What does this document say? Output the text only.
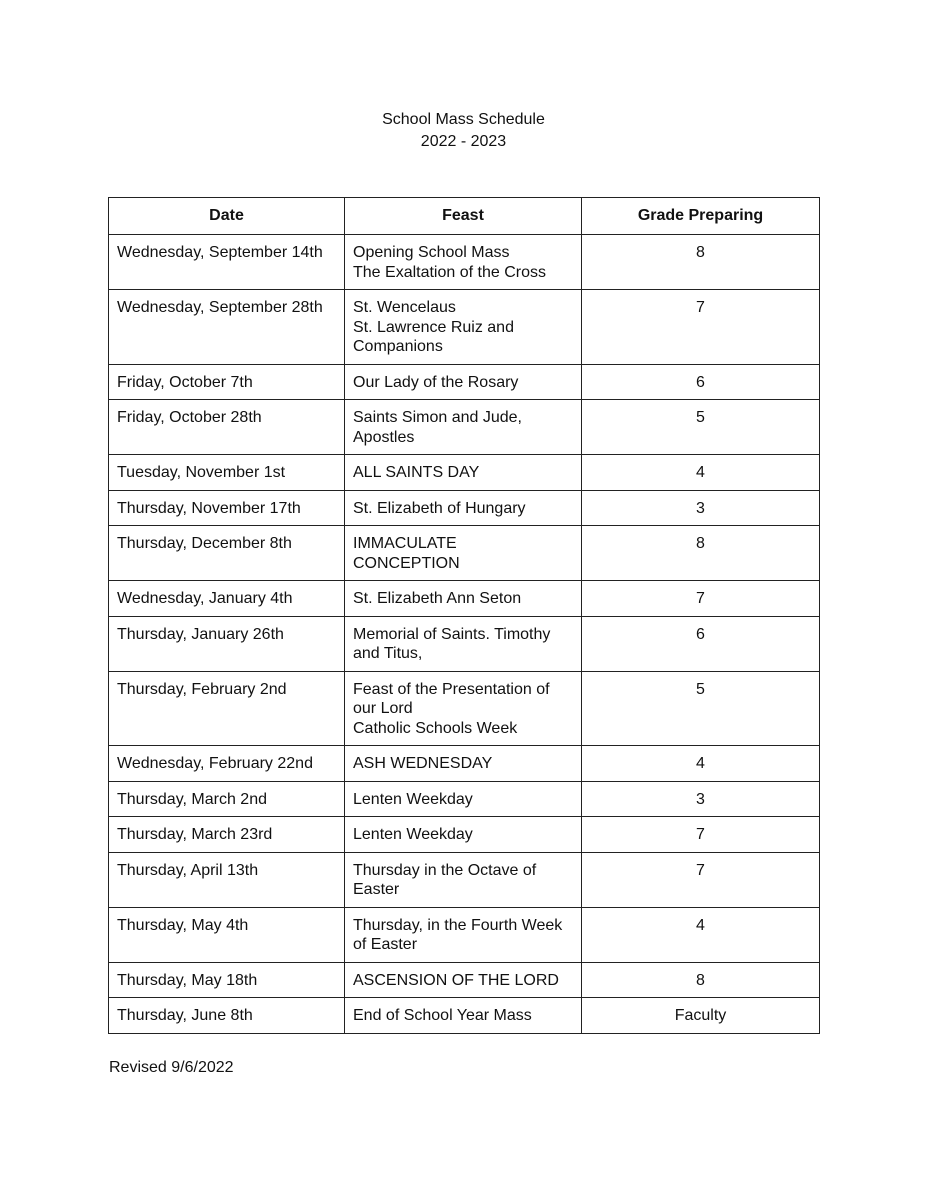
School Mass Schedule
2022 - 2023
Date	Feast	Grade Preparing
Wednesday, September 14th	Opening School Mass
The Exaltation of the Cross	8
Wednesday, September 28th	St. Wencelaus
St. Lawrence Ruiz and
Companions	7
Friday, October 7th	Our Lady of the Rosary	6
Friday, October 28th	Saints Simon and Jude,
Apostles	5
Tuesday, November 1st	ALL SAINTS DAY	4
Thursday, November 17th	St. Elizabeth of Hungary	3
Thursday, December 8th	IMMACULATE
CONCEPTION	8
Wednesday, January 4th	St. Elizabeth Ann Seton	7
Thursday, January 26th	Memorial of Saints. Timothy
and Titus,	6
Thursday, February 2nd	Feast of the Presentation of
our Lord
Catholic Schools Week	5
Wednesday, February 22nd	ASH WEDNESDAY	4
Thursday, March 2nd	Lenten Weekday	3
Thursday, March 23rd	Lenten Weekday	7
Thursday, April 13th	Thursday in the Octave of
Easter	7
Thursday, May 4th	Thursday, in the Fourth Week
of Easter	4
Thursday, May 18th	ASCENSION OF THE LORD	8
Thursday, June 8th	End of School Year Mass	Faculty
Revised 9/6/2022
